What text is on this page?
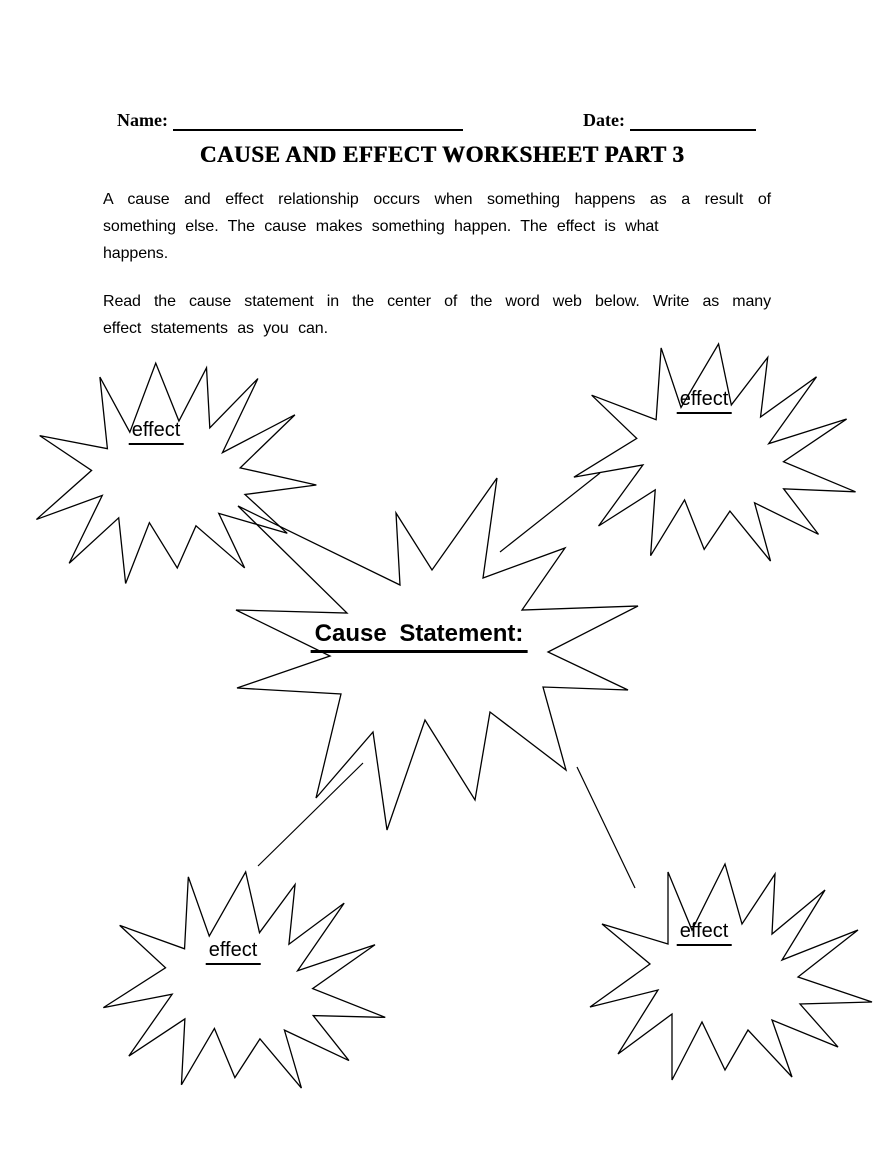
Name:	Date:
CAUSE AND EFFECT WORKSHEET PART 3
A cause and effect relationship occurs when something happens as a result of
something else. The cause makes something happen. The effect is what
happens.
Read the cause statement in the center of the word web below. Write as many
effect statements as you can.
effect
effect
effect
effect
Cause Statement:
